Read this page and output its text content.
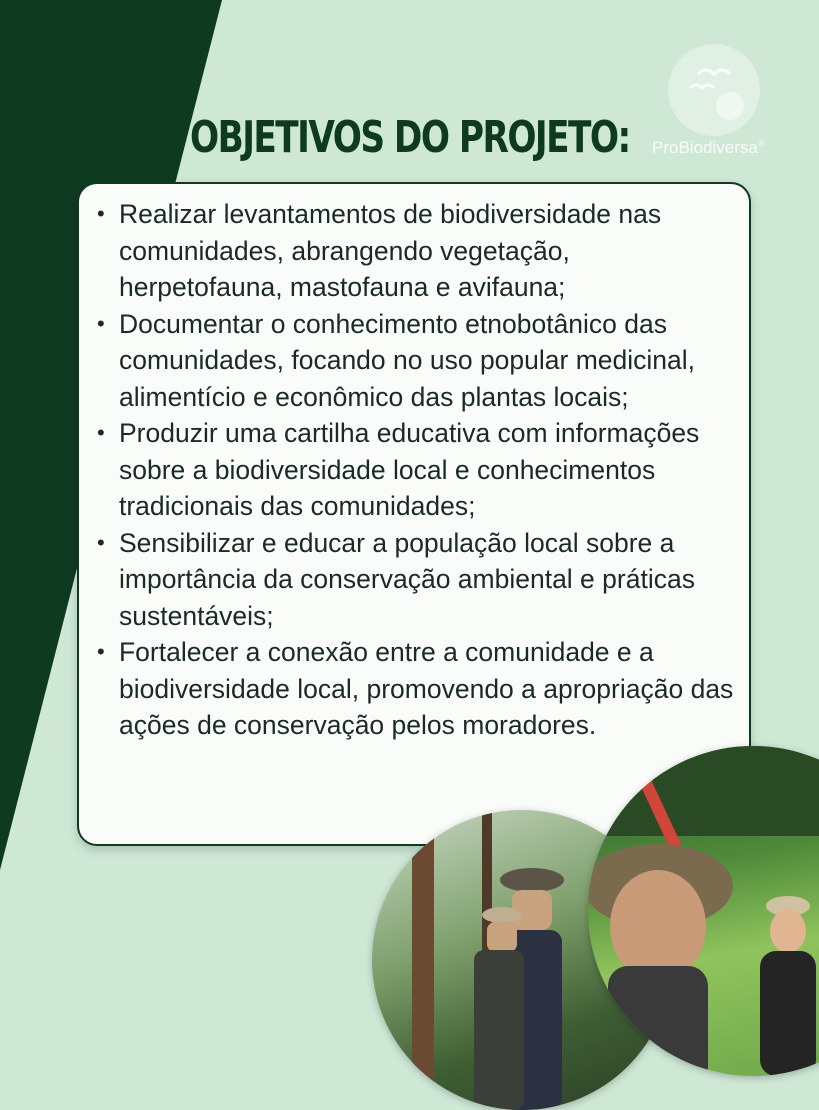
OBJETIVOS DO PROJETO: ProBiodiversa®
• Realizar levantamentos de biodiversidade nas comunidades, abrangendo vegetação, herpetofauna, mastofauna e avifauna;
• Documentar o conhecimento etnobotânico das comunidades, focando no uso popular medicinal, alimentício e econômico das plantas locais;
• Produzir uma cartilha educativa com informações sobre a biodiversidade local e conhecimentos tradicionais das comunidades;
• Sensibilizar e educar a população local sobre a importância da conservação ambiental e práticas sustentáveis;
• Fortalecer a conexão entre a comunidade e a biodiversidade local, promovendo a apropriação das ações de conservação pelos moradores.
